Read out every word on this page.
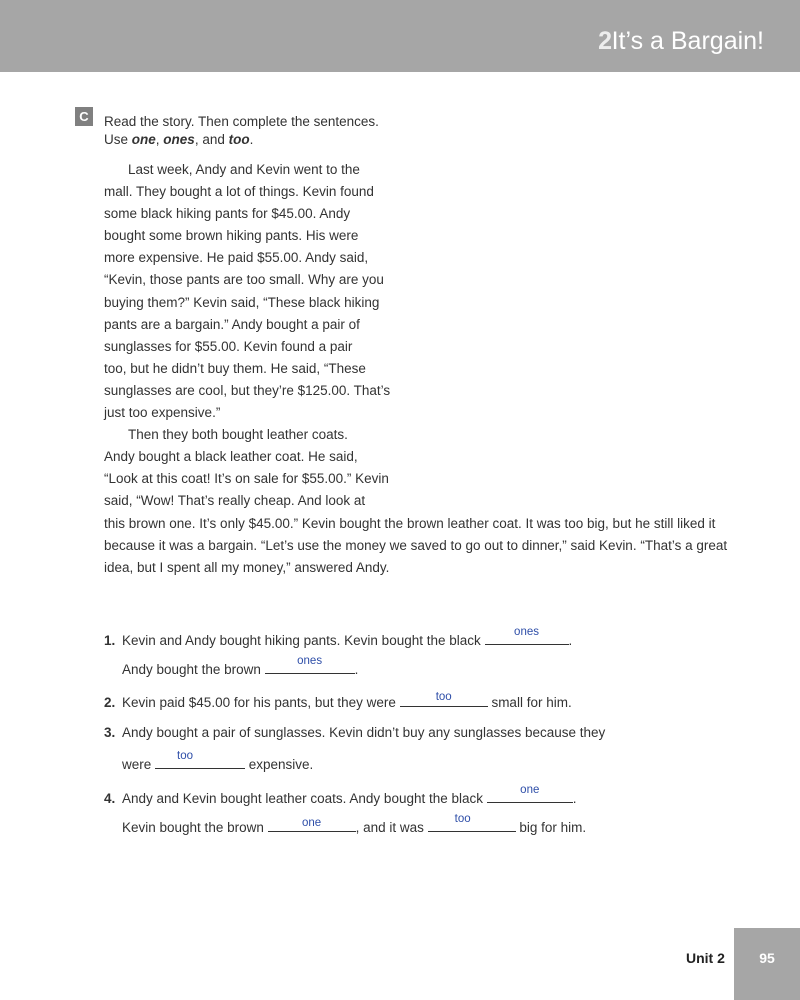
2 It’s a Bargain!
C	Read the story. Then complete the sentences.
Use one, ones, and too.
Last week, Andy and Kevin went to the
mall. They bought a lot of things. Kevin found
some black hiking pants for $45.00. Andy
bought some brown hiking pants. His were
more expensive. He paid $55.00. Andy said,
“Kevin, those pants are too small. Why are you
buying them?” Kevin said, “These black hiking
pants are a bargain.” Andy bought a pair of
sunglasses for $55.00. Kevin found a pair
too, but he didn’t buy them. He said, “These
sunglasses are cool, but they’re $125.00. That’s
just too expensive.”
Then they both bought leather coats.
Andy bought a black leather coat. He said,
“Look at this coat! It’s on sale for $55.00.” Kevin
said, “Wow! That’s really cheap. And look at
this brown one. It’s only $45.00.” Kevin bought the brown leather coat. It was too big, but he still liked it
because it was a bargain. “Let’s use the money we saved to go out to dinner,” said Kevin. “That’s a great
idea, but I spent all my money,” answered Andy.
1. Kevin and Andy bought hiking pants. Kevin bought the black
ones
.
Andy bought the brown
ones
.
2. Kevin paid $45.00 for his pants, but they were	too	small for him.
3. Andy bought a pair of sunglasses. Kevin didn’t buy any sunglasses because they
were
too
expensive.
4. Andy and Kevin bought leather coats. Andy bought the black
one
.
Kevin bought the brown	one	, and it was
too
big for him.
Unit 2	95
